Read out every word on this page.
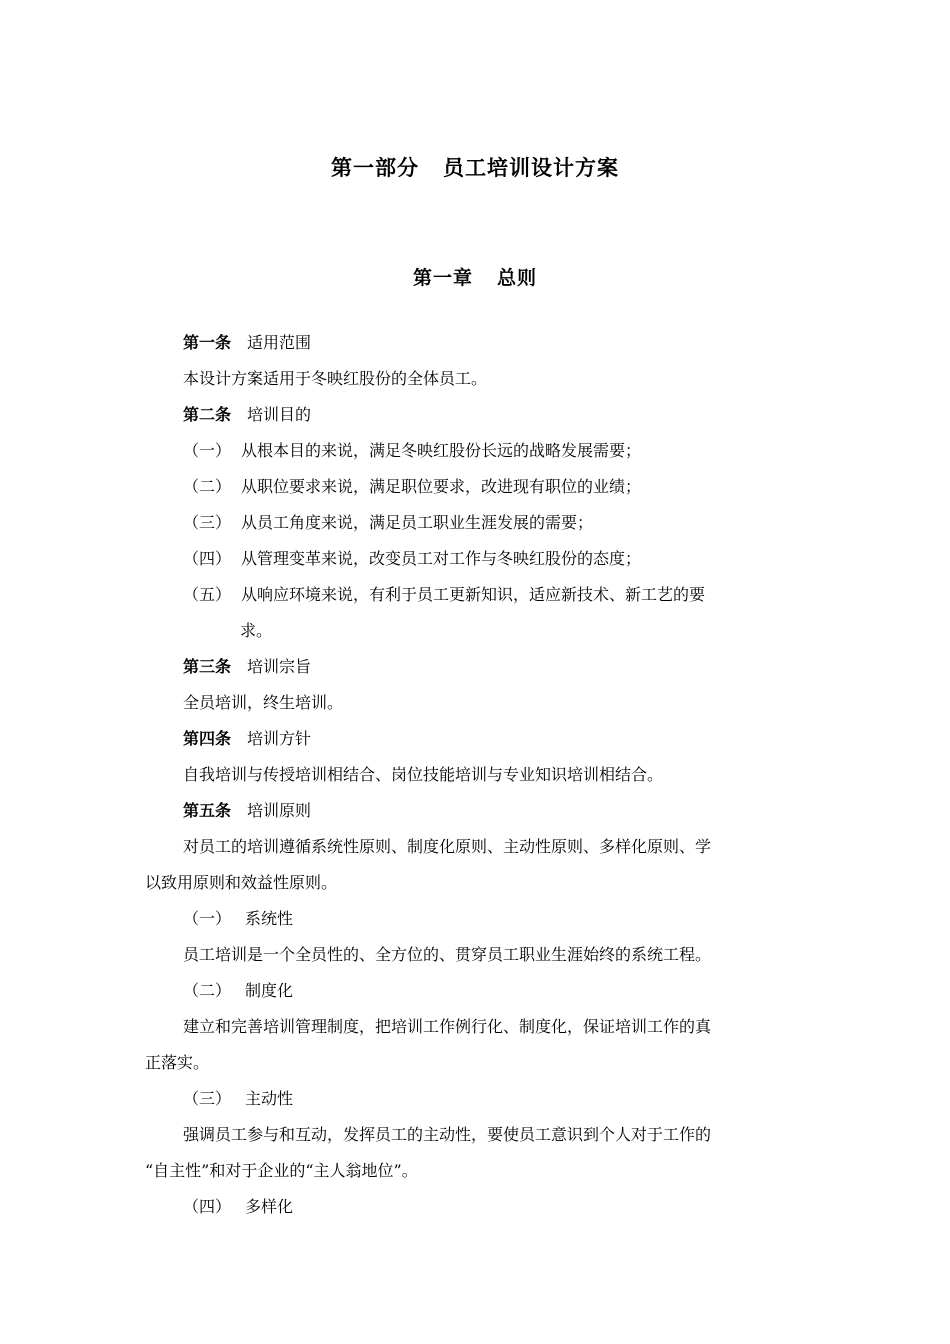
第一部分 员工培训设计方案
第一章 总则
第一条 适用范围
本设计方案适用于冬映红股份的全体员工。
第二条 培训目的
（一） 从根本目的来说，满足冬映红股份长远的战略发展需要；
（二） 从职位要求来说，满足职位要求，改进现有职位的业绩；
（三） 从员工角度来说，满足员工职业生涯发展的需要；
（四） 从管理变革来说，改变员工对工作与冬映红股份的态度；
（五） 从响应环境来说，有利于员工更新知识，适应新技术、新工艺的要
求。
第三条 培训宗旨
全员培训，终生培训。
第四条 培训方针
自我培训与传授培训相结合、岗位技能培训与专业知识培训相结合。
第五条 培训原则
对员工的培训遵循系统性原则、制度化原则、主动性原则、多样化原则、学
以致用原则和效益性原则。
（一） 系统性
员工培训是一个全员性的、全方位的、贯穿员工职业生涯始终的系统工程。
（二） 制度化
建立和完善培训管理制度，把培训工作例行化、制度化，保证培训工作的真
正落实。
（三） 主动性
强调员工参与和互动，发挥员工的主动性，要使员工意识到个人对于工作的
“自主性”和对于企业的“主人翁地位”。
（四） 多样化
